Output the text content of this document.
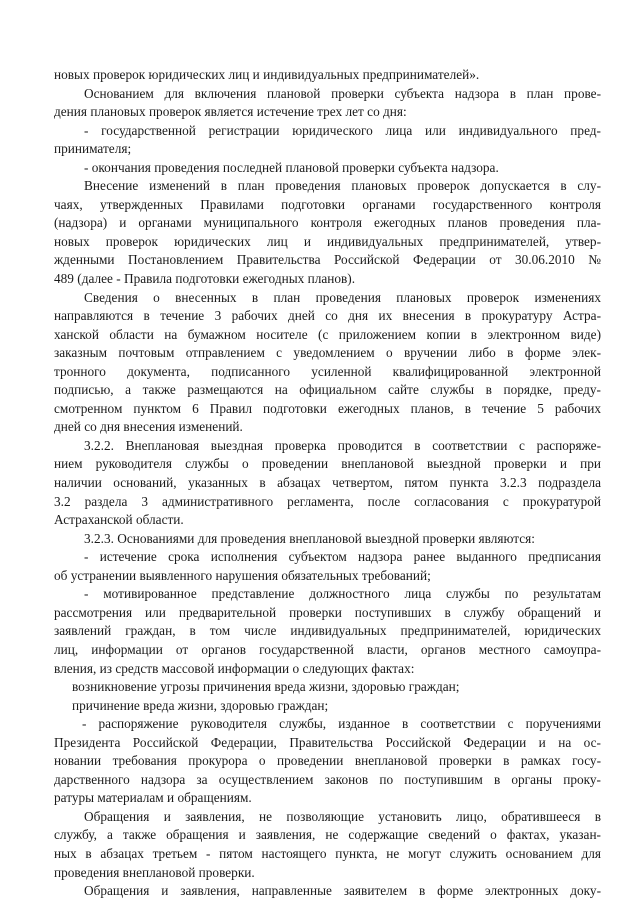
новых проверок юридических лиц и индивидуальных предпринимателей».
Основанием для включения плановой проверки субъекта надзора в план прове-
дения плановых проверок является истечение трех лет со дня:
- государственной регистрации юридического лица или индивидуального пред-
принимателя;
- окончания проведения последней плановой проверки субъекта надзора.
Внесение изменений в план проведения плановых проверок допускается в слу-
чаях, утвержденных Правилами подготовки органами государственного контроля
(надзора) и органами муниципального контроля ежегодных планов проведения пла-
новых проверок юридических лиц и индивидуальных предпринимателей, утвер-
жденными Постановлением Правительства Российской Федерации от 30.06.2010 №
489 (далее - Правила подготовки ежегодных планов).
Сведения о внесенных в план проведения плановых проверок изменениях
направляются в течение 3 рабочих дней со дня их внесения в прокуратуру Астра-
ханской области на бумажном носителе (с приложением копии в электронном виде)
заказным почтовым отправлением с уведомлением о вручении либо в форме элек-
тронного документа, подписанного усиленной квалифицированной электронной
подписью, а также размещаются на официальном сайте службы в порядке, преду-
смотренном пунктом 6 Правил подготовки ежегодных планов, в течение 5 рабочих
дней со дня внесения изменений.
3.2.2. Внеплановая выездная проверка проводится в соответствии с распоряже-
нием руководителя службы о проведении внеплановой выездной проверки и при
наличии оснований, указанных в абзацах четвертом, пятом пункта 3.2.3 подраздела
3.2 раздела 3 административного регламента, после согласования с прокуратурой
Астраханской области.
3.2.3. Основаниями для проведения внеплановой выездной проверки являются:
- истечение срока исполнения субъектом надзора ранее выданного предписания
об устранении выявленного нарушения обязательных требований;
- мотивированное представление должностного лица службы по результатам
рассмотрения или предварительной проверки поступивших в службу обращений и
заявлений граждан, в том числе индивидуальных предпринимателей, юридических
лиц, информации от органов государственной власти, органов местного самоупра-
вления, из средств массовой информации о следующих фактах:
возникновение угрозы причинения вреда жизни, здоровью граждан;
причинение вреда жизни, здоровью граждан;
- распоряжение руководителя службы, изданное в соответствии с поручениями
Президента Российской Федерации, Правительства Российской Федерации и на ос-
новании требования прокурора о проведении внеплановой проверки в рамках госу-
дарственного надзора за осуществлением законов по поступившим в органы проку-
ратуры материалам и обращениям.
Обращения и заявления, не позволяющие установить лицо, обратившееся в
службу, а также обращения и заявления, не содержащие сведений о фактах, указан-
ных в абзацах третьем - пятом настоящего пункта, не могут служить основанием для
проведения внеплановой проверки.
Обращения и заявления, направленные заявителем в форме электронных доку-
